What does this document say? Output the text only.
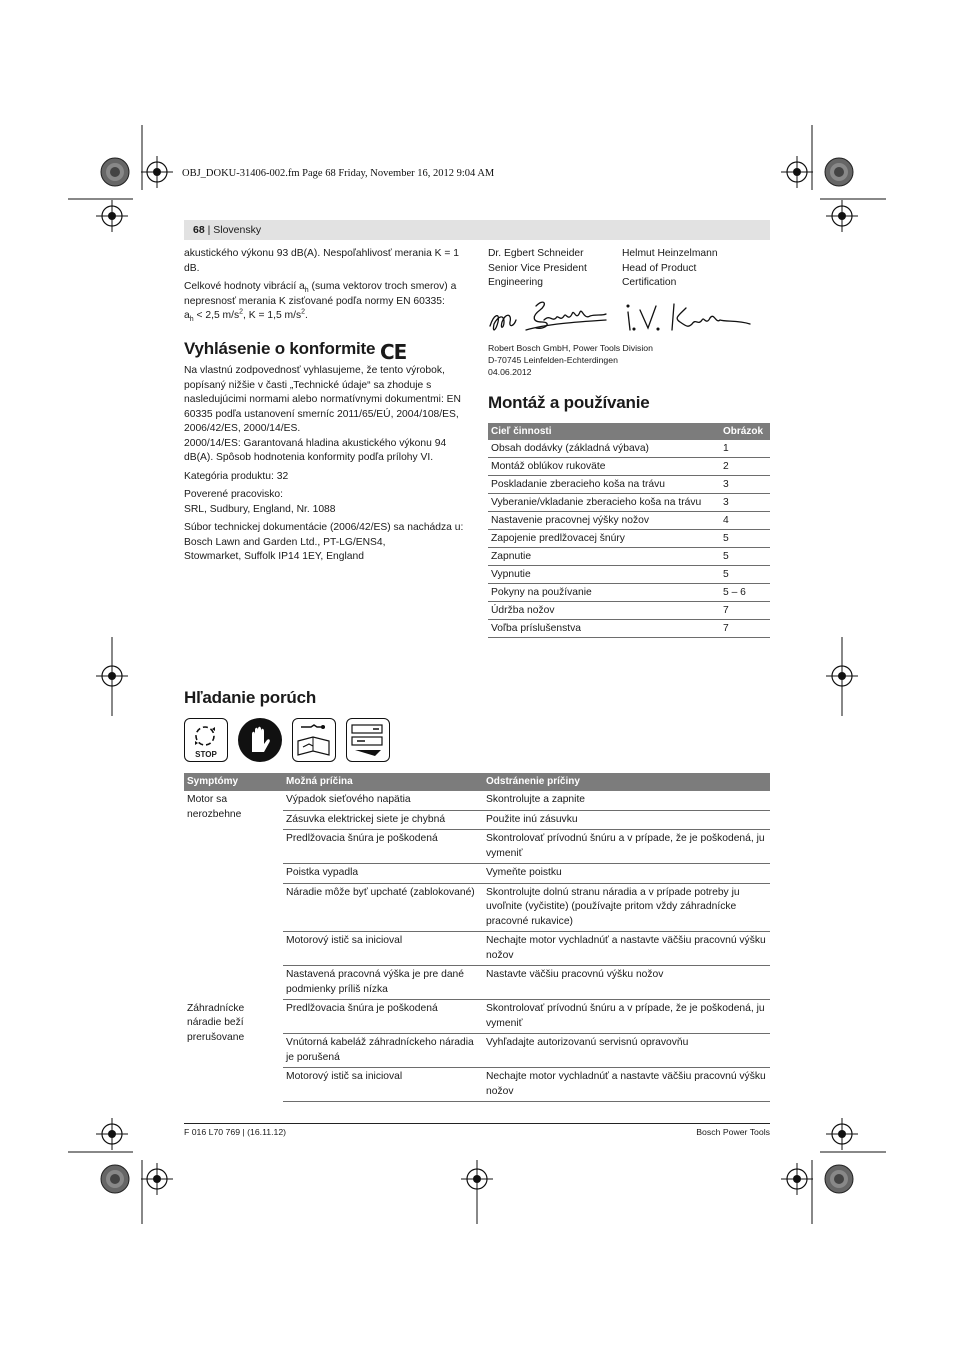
OBJ_DOKU-31406-002.fm Page 68 Friday, November 16, 2012 9:04 AM
68 | Slovensky
akustického výkonu 93 dB(A). Nespoľahlivosť merania K = 1 dB.
Celkové hodnoty vibrácií $a_h$ (suma vektorov troch smerov) a nepresnosť merania K zisťované podľa normy EN 60335:
$a_h < 2,5$ $m/s^2$, K = 1,5 $m/s^2$.
Vyhlásenie o konformite CE
Na vlastnú zodpovednosť vyhlasujeme, že tento výrobok, popísaný nižšie v časti „Technické údaje“ sa zhoduje s nasledujúcimi normami alebo normatívnymi dokumentmi: EN 60335 podľa ustanovení smerníc 2011/65/EÚ, 2004/108/ES, 2006/42/ES, 2000/14/ES.
2000/14/ES: Garantovaná hladina akustického výkonu 94 dB(A). Spôsob hodnotenia konformity podľa prílohy VI.
Kategória produktu: 32
Poverené pracovisko:
SRL, Sudbury, England, Nr. 1088
Súbor technickej dokumentácie (2006/42/ES) sa nachádza u:
Bosch Lawn and Garden Ltd., PT-LG/ENS4,
Stowmarket, Suffolk IP14 1EY, England
Dr. Egbert Schneider
Senior Vice President
Engineering
Helmut Heinzelmann
Head of Product
Certification
Robert Bosch GmbH, Power Tools Division
D-70745 Leinfelden-Echterdingen
04.06.2012
Montáž a používanie
Cieľ činnosti	Obrázok
Obsah dodávky (základná výbava)	1
Montáž oblúkov rukoväte	2
Poskladanie zberacieho koša na trávu	3
Vyberanie/vkladanie zberacieho koša na trávu	3
Nastavenie pracovnej výšky nožov	4
Zapojenie predlžovacej šnúry	5
Zapnutie	5
Vypnutie	5
Pokyny na používanie	5 – 6
Údržba nožov	7
Voľba príslušenstva	7
Hľadanie porúch
STOP
Symptómy	Možná príčina	Odstránenie príčiny
Motor sa nerozbehne	Výpadok sieťového napätia	Skontrolujte a zapnite
	Zásuvka elektrickej siete je chybná	Použite inú zásuvku
	Predlžovacia šnúra je poškodená	Skontrolovať prívodnú šnúru a v prípade, že je poškodená, ju vymeniť
	Poistka vypadla	Vymeňte poistku
	Náradie môže byť upchaté (zablokované)	Skontrolujte dolnú stranu náradia a v prípade potreby ju uvoľnite (vyčistite) (používajte pritom vždy záhradnícke pracovné rukavice)
	Motorový istič sa inicioval	Nechajte motor vychladnúť a nastavte väčšiu pracovnú výšku nožov
	Nastavená pracovná výška je pre dané podmienky príliš nízka	Nastavte väčšiu pracovnú výšku nožov
Záhradnícke náradie beží prerušovane	Predlžovacia šnúra je poškodená	Skontrolovať prívodnú šnúru a v prípade, že je poškodená, ju vymeniť
	Vnútorná kabeláž záhradníckeho náradia je porušená	Vyhľadajte autorizovanú servisnú opravovňu
	Motorový istič sa inicioval	Nechajte motor vychladnúť a nastavte väčšiu pracovnú výšku nožov
F 016 L70 769 | (16.11.12)	Bosch Power Tools
